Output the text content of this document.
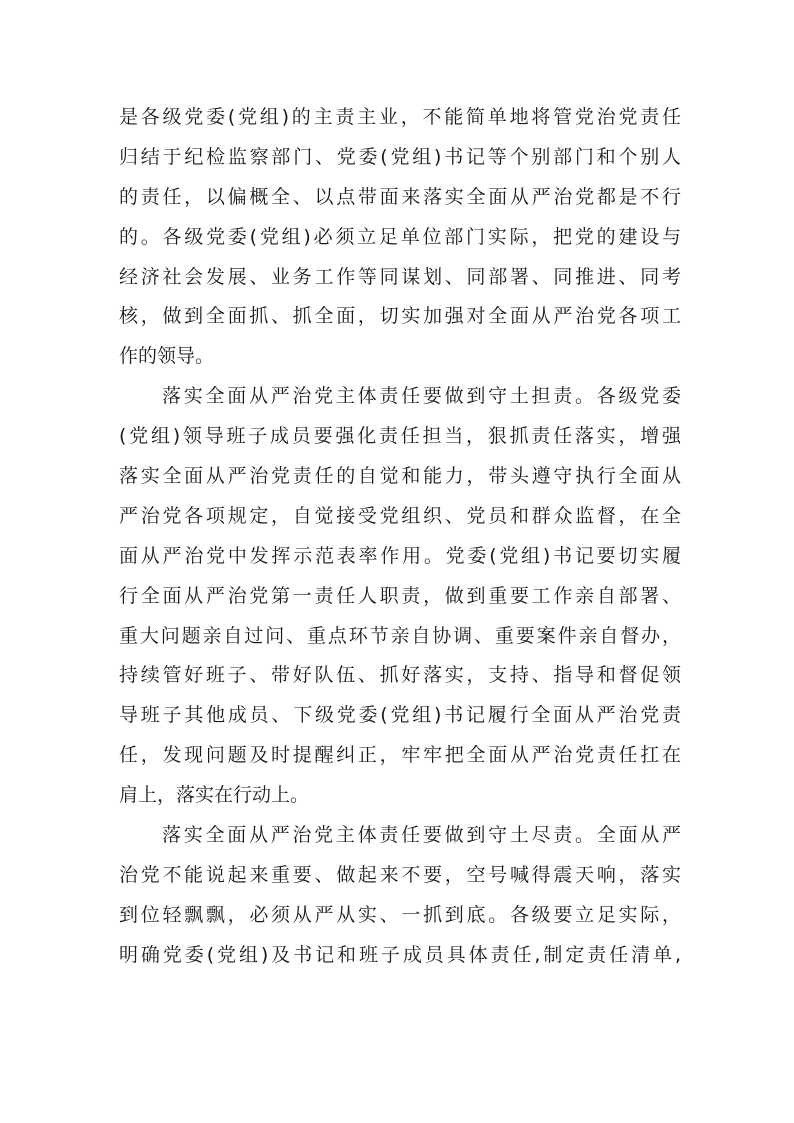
是各级党委(党组)的主责主业，不能简单地将管党治党责任
归结于纪检监察部门、党委(党组)书记等个别部门和个别人
的责任，以偏概全、以点带面来落实全面从严治党都是不行
的。各级党委(党组)必须立足单位部门实际，把党的建设与
经济社会发展、业务工作等同谋划、同部署、同推进、同考
核，做到全面抓、抓全面，切实加强对全面从严治党各项工
作的领导。
落实全面从严治党主体责任要做到守土担责。各级党委
(党组)领导班子成员要强化责任担当，狠抓责任落实，增强
落实全面从严治党责任的自觉和能力，带头遵守执行全面从
严治党各项规定，自觉接受党组织、党员和群众监督，在全
面从严治党中发挥示范表率作用。党委(党组)书记要切实履
行全面从严治党第一责任人职责，做到重要工作亲自部署、
重大问题亲自过问、重点环节亲自协调、重要案件亲自督办，
持续管好班子、带好队伍、抓好落实，支持、指导和督促领
导班子其他成员、下级党委(党组)书记履行全面从严治党责
任，发现问题及时提醒纠正，牢牢把全面从严治党责任扛在
肩上，落实在行动上。
落实全面从严治党主体责任要做到守土尽责。全面从严
治党不能说起来重要、做起来不要，空号喊得震天响，落实
到位轻飘飘，必须从严从实、一抓到底。各级要立足实际，
明确党委(党组)及书记和班子成员具体责任,制定责任清单,
